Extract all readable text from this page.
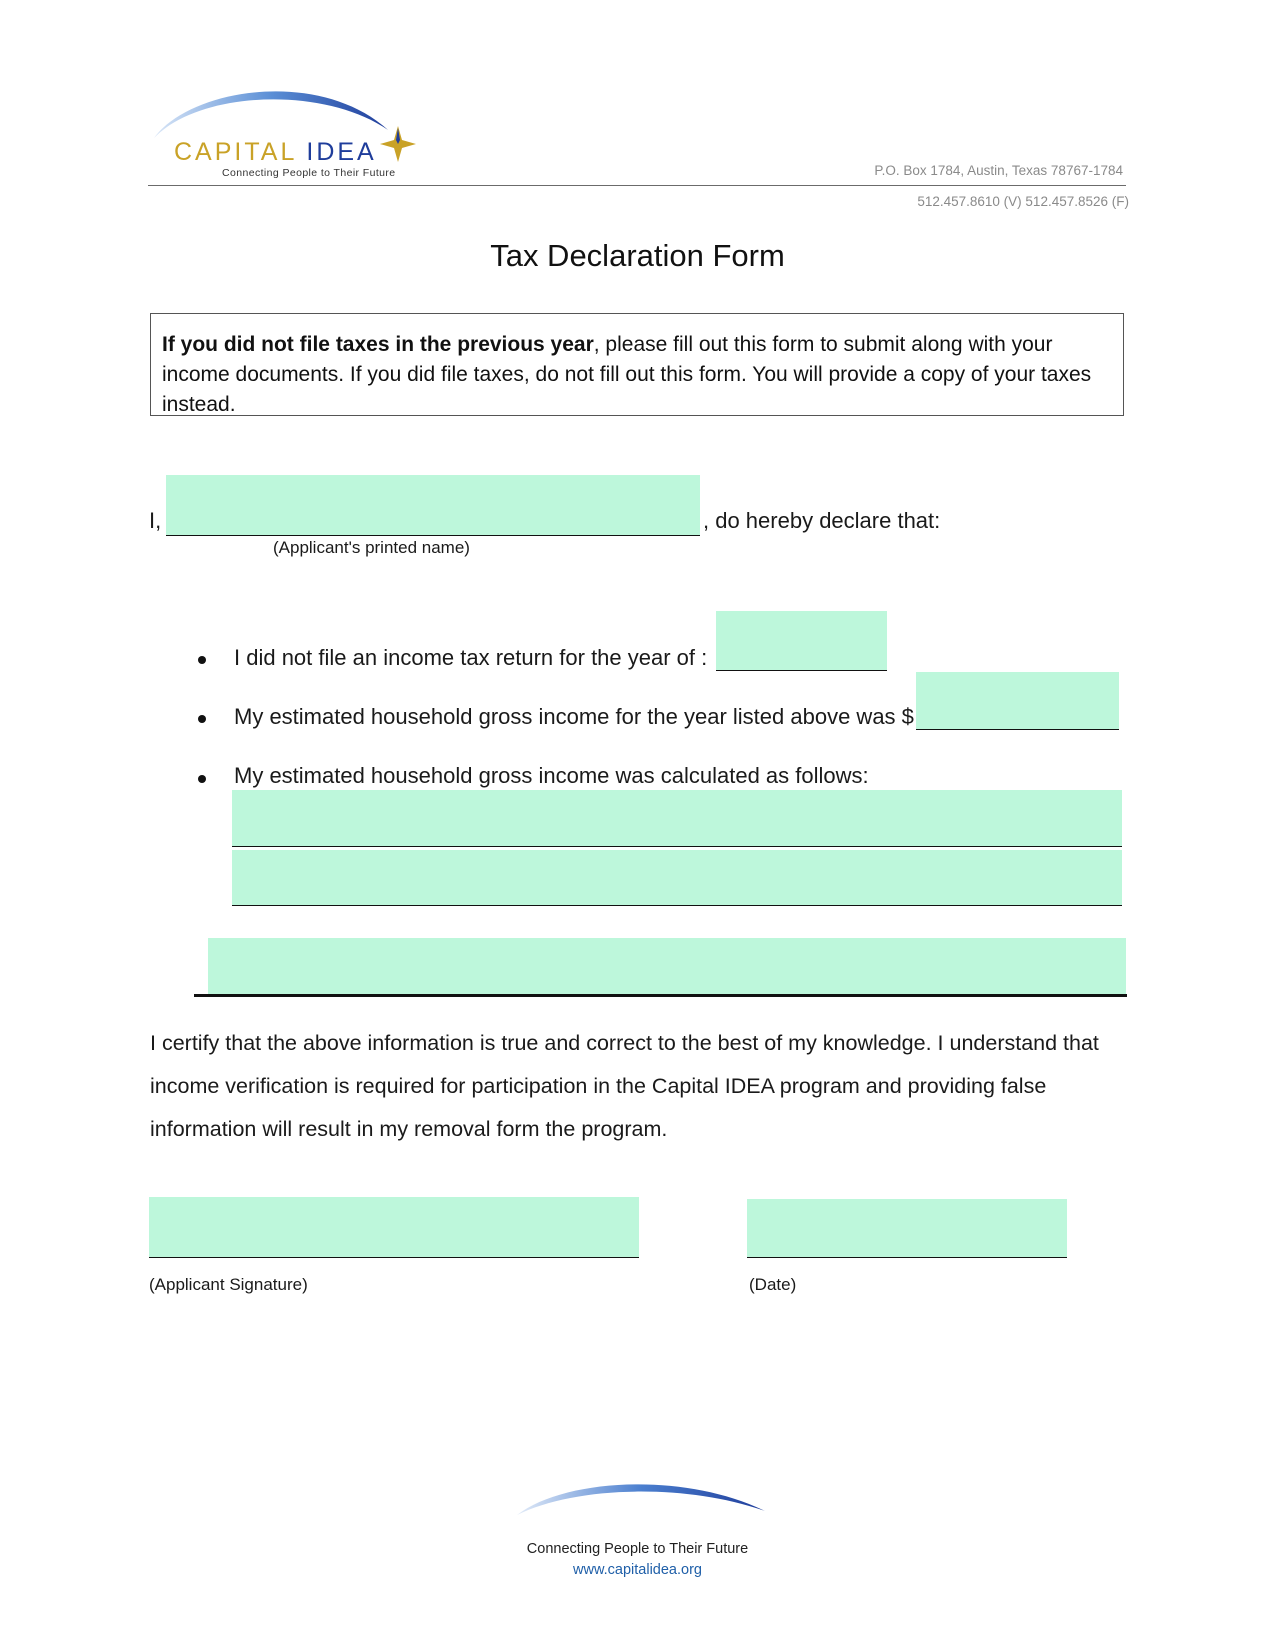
CAPITAL IDEA
Connecting People to Their Future	P.O. Box 1784, Austin, Texas 78767-1784
512.457.8610 (V) 512.457.8526 (F)
Tax Declaration Form
If you did not file taxes in the previous year, please fill out this form to submit along with your income documents. If you did file taxes, do not fill out this form. You will provide a copy of your taxes instead.
I,	, do hereby declare that:
(Applicant's printed name)
I did not file an income tax return for the year of :
My estimated household gross income for the year listed above was $
My estimated household gross income was calculated as follows:
I certify that the above information is true and correct to the best of my knowledge. I understand that income verification is required for participation in the Capital IDEA program and providing false information will result in my removal form the program.
(Applicant Signature)	(Date)
Connecting People to Their Future
www.capitalidea.org
